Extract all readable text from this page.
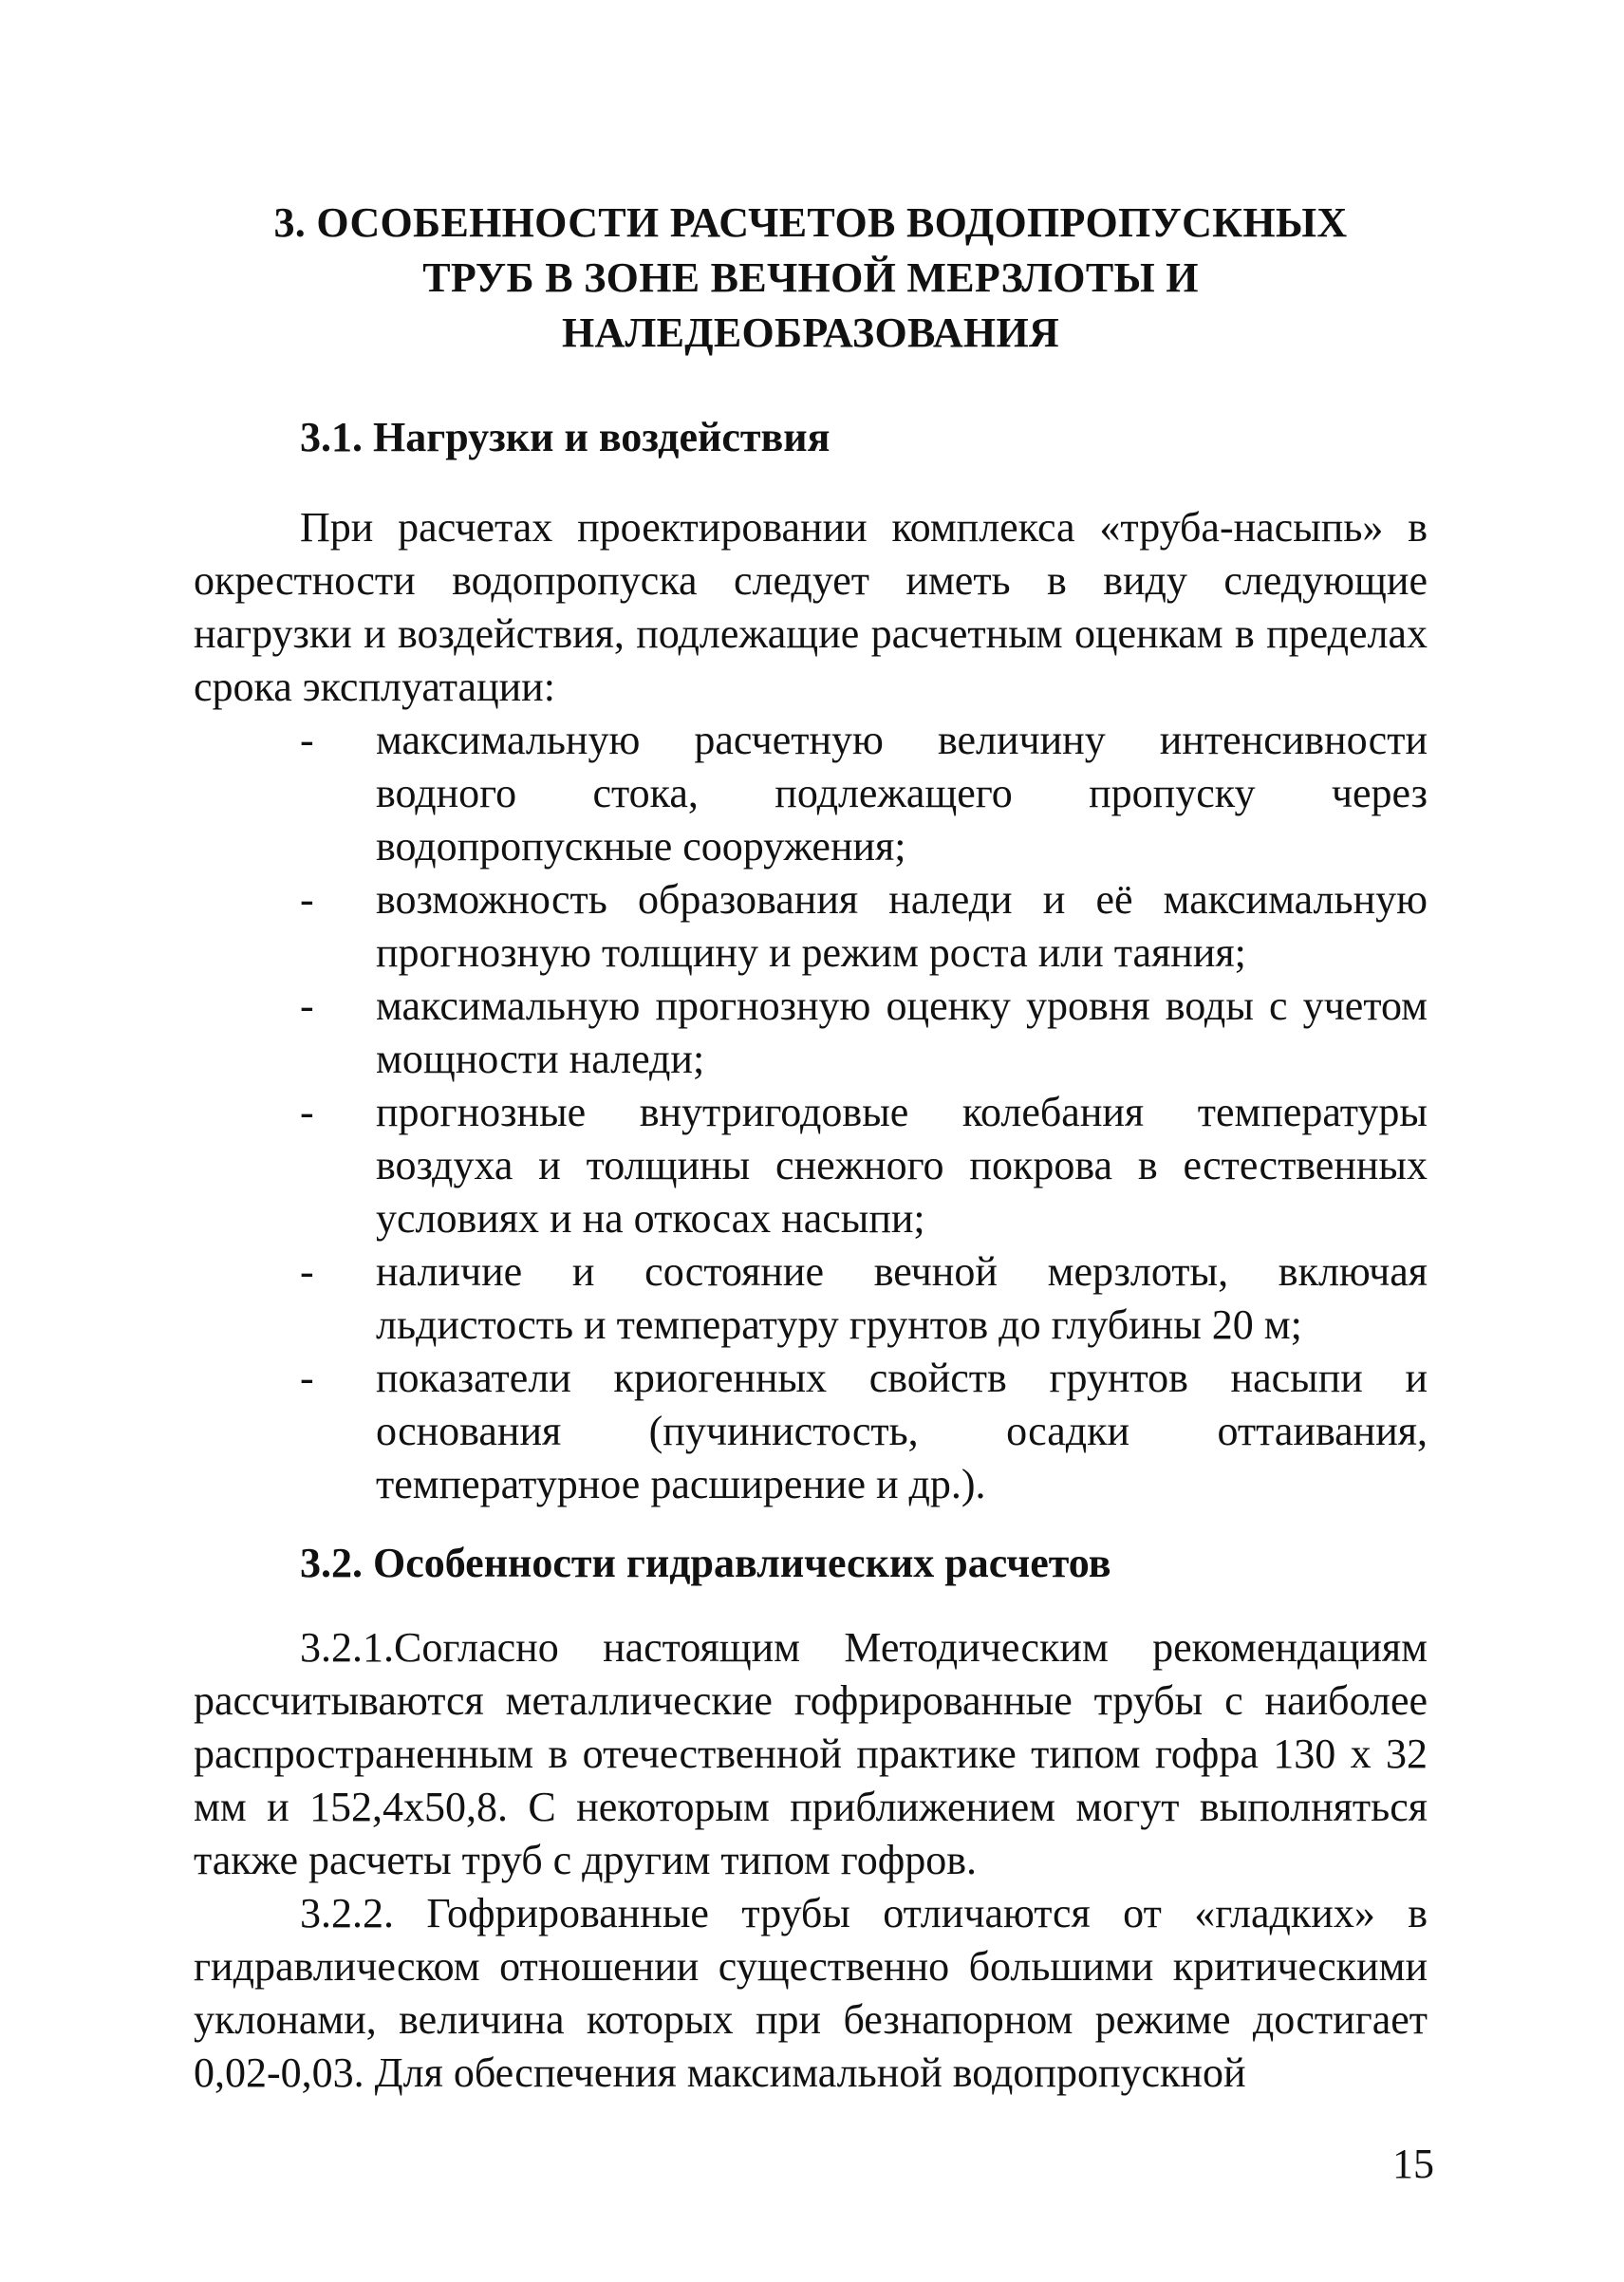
3. ОСОБЕННОСТИ РАСЧЕТОВ ВОДОПРОПУСКНЫХ
ТРУБ В ЗОНЕ ВЕЧНОЙ МЕРЗЛОТЫ И
НАЛЕДЕОБРАЗОВАНИЯ
3.1. Нагрузки и воздействия

При расчетах проектировании комплекса «труба-насыпь» в окрестности водопропуска следует иметь в виду следующие нагрузки и воздействия, подлежащие расчетным оценкам в пределах срока эксплуатации:

- максимальную расчетную величину интенсивности водного стока, подлежащего пропуску через водопропускные сооружения;
- возможность образования наледи и её максимальную прогнозную толщину и режим роста или таяния;
- максимальную прогнозную оценку уровня воды с учетом мощности наледи;
- прогнозные внутригодовые колебания температуры воздуха и толщины снежного покрова в естественных условиях и на откосах насыпи;
- наличие и состояние вечной мерзлоты, включая льдистость и температуру грунтов до глубины 20 м;
- показатели криогенных свойств грунтов насыпи и основания (пучинистость, осадки оттаивания, температурное расширение и др.).
3.2. Особенности гидравлических расчетов

3.2.1.Согласно настоящим Методическим рекомендациям рассчитываются металлические гофрированные трубы с наиболее распространенным в отечественной практике типом гофра 130 х 32 мм и 152,4х50,8. С некоторым приближением могут выполняться также расчеты труб с другим типом гофров.

3.2.2. Гофрированные трубы отличаются от «гладких» в гидравлическом отношении существенно большими критическими уклонами, величина которых при безнапорном режиме достигает 0,02-0,03. Для обеспечения максимальной водопропускной

15
